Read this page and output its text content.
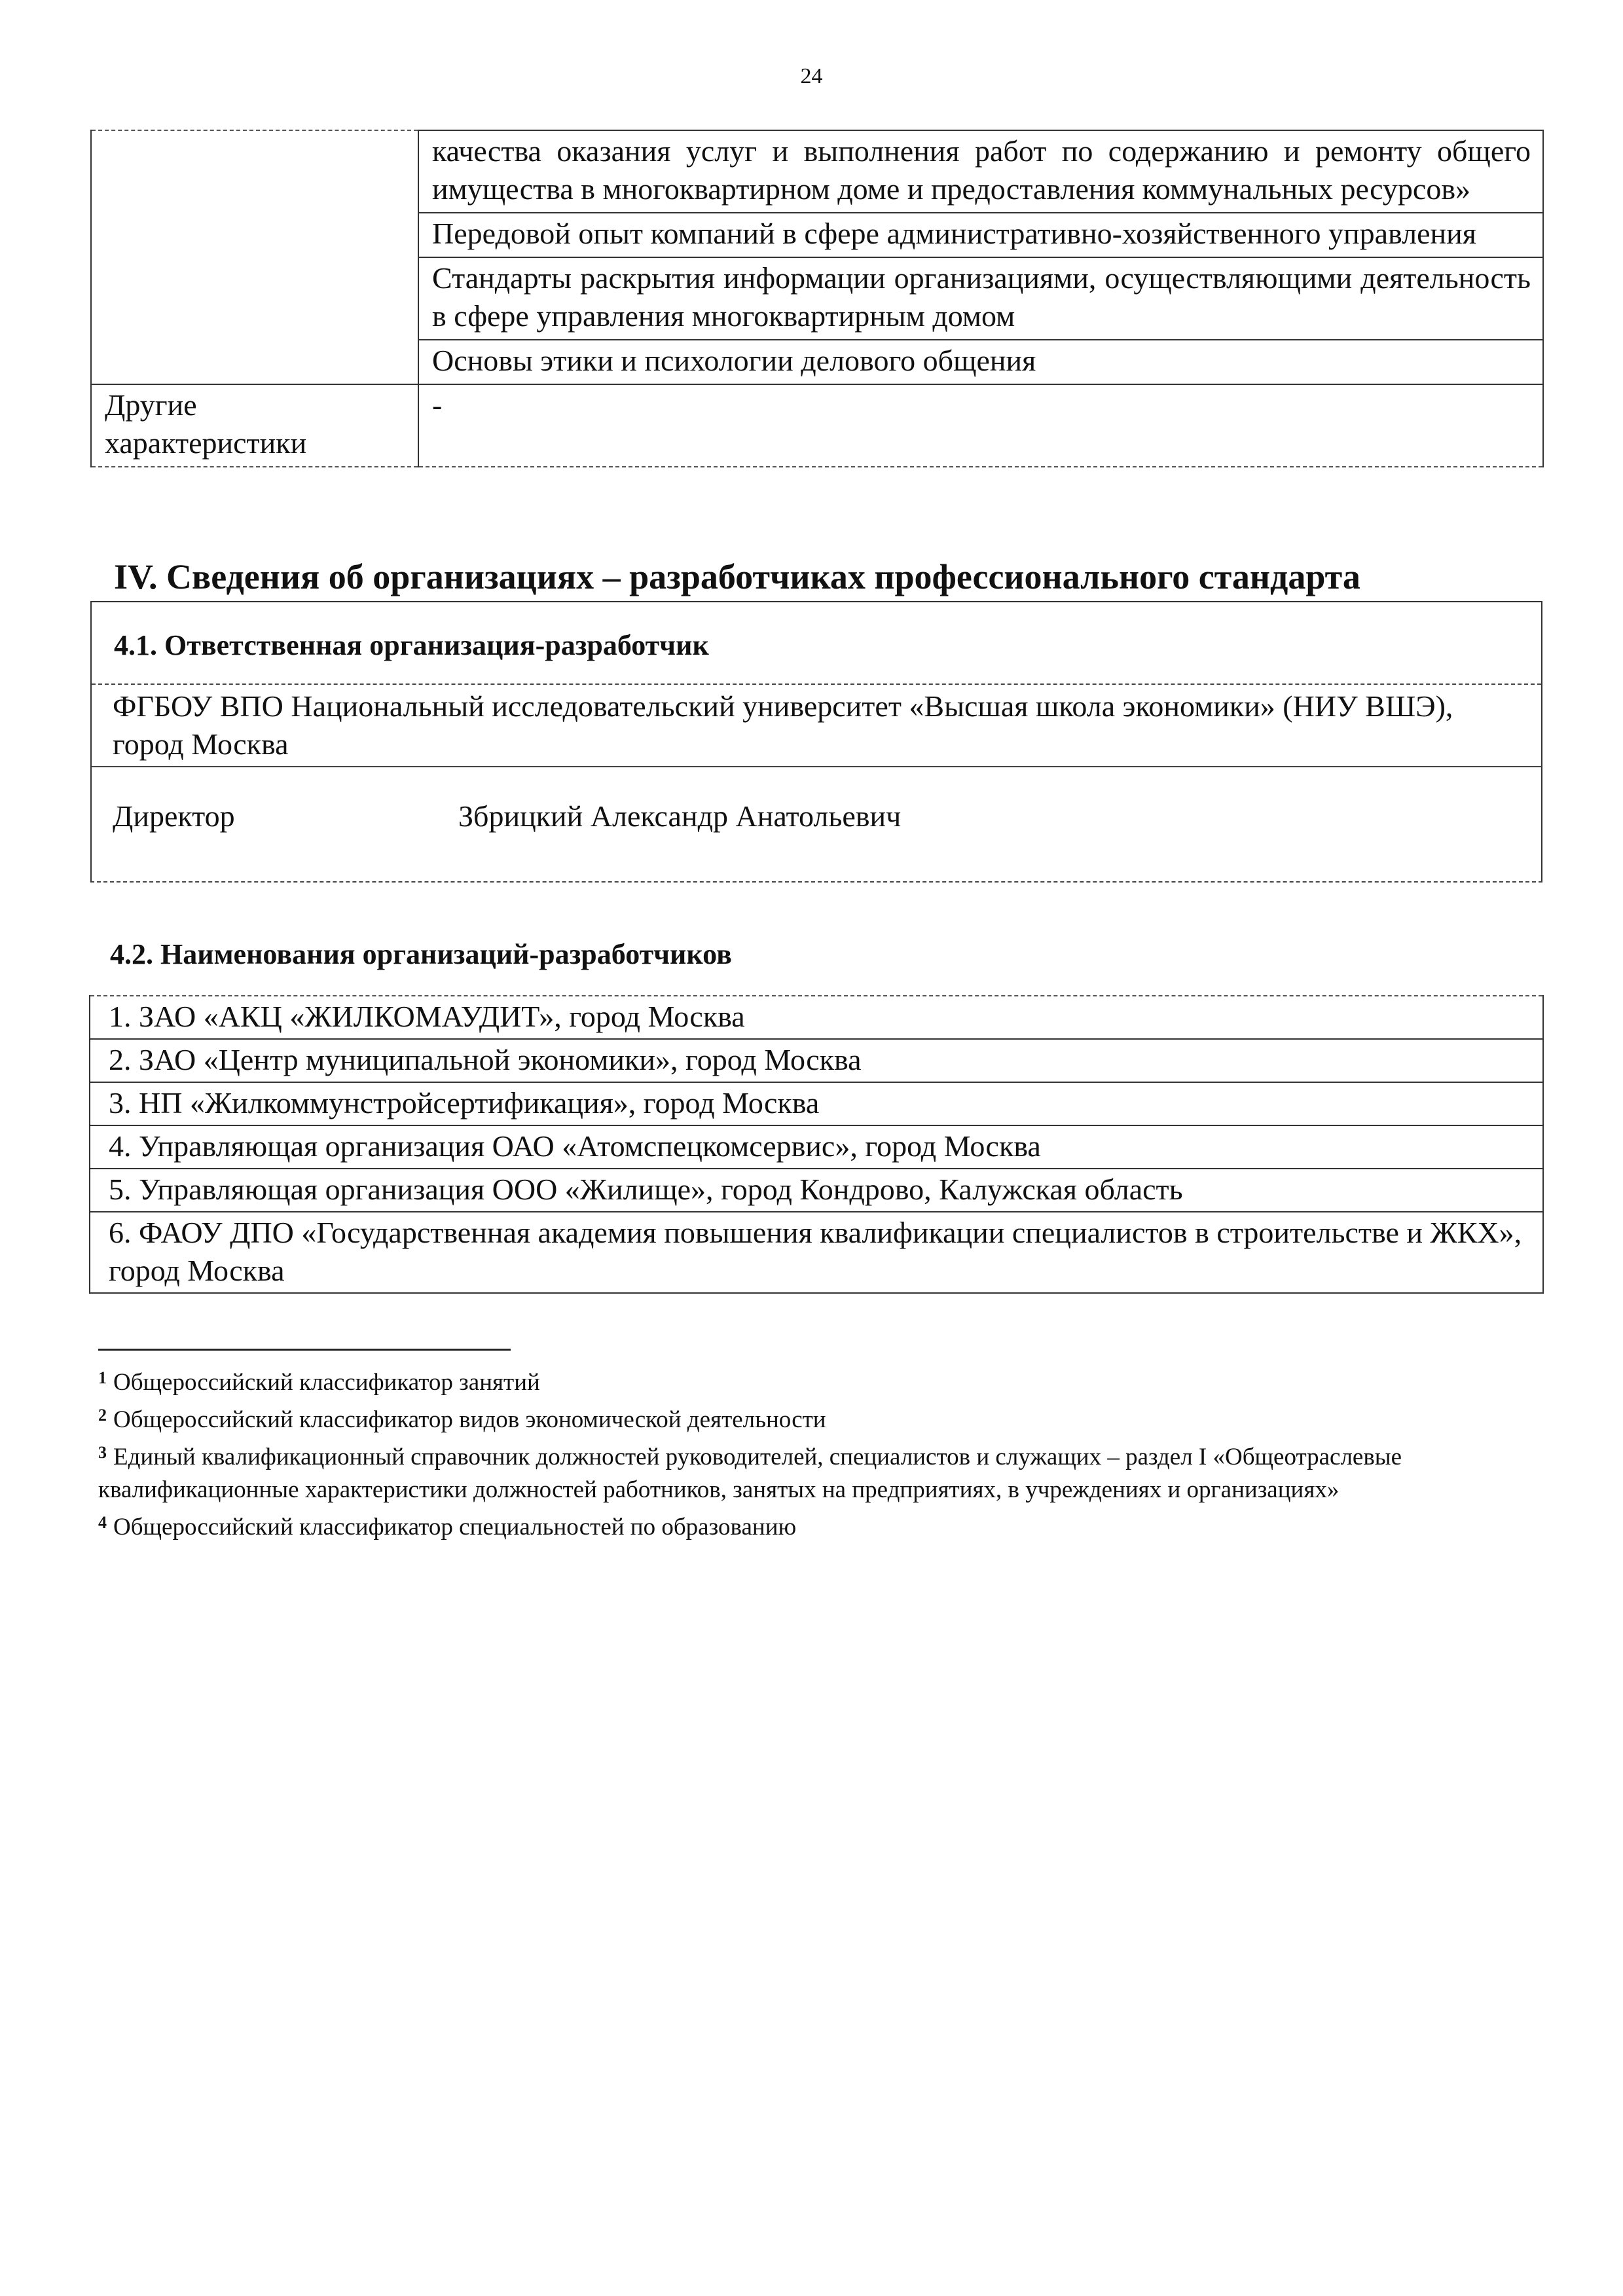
24
	качества оказания услуг и выполнения работ по содержанию и ремонту общего имущества в многоквартирном доме и предоставления коммунальных ресурсов»
	Передовой опыт компаний в сфере административно-хозяйственного управления
	Стандарты раскрытия информации организациями, осуществляющими деятельность в сфере управления многоквартирным домом
	Основы этики и психологии делового общения
Другие характеристики	-
IV. Сведения об организациях – разработчиках профессионального стандарта
4.1. Ответственная организация-разработчик
ФГБОУ ВПО Национальный исследовательский университет «Высшая школа экономики» (НИУ ВШЭ), город Москва
Директор	Збрицкий Александр Анатольевич
4.2. Наименования организаций-разработчиков
1. ЗАО «АКЦ «ЖИЛКОМАУДИТ», город Москва
2. ЗАО «Центр муниципальной экономики», город Москва
3. НП «Жилкоммунстройсертификация», город Москва
4. Управляющая организация ОАО «Атомспецкомсервис», город Москва
5. Управляющая организация ООО «Жилище», город Кондрово, Калужская область
6. ФАОУ ДПО «Государственная академия повышения квалификации специалистов в строительстве и ЖКХ», город Москва
$^1$ Общероссийский классификатор занятий
$^2$ Общероссийский классификатор видов экономической деятельности
$^3$ Единый квалификационный справочник должностей руководителей, специалистов и служащих – раздел I «Общеотраслевые квалификационные характеристики должностей работников, занятых на предприятиях, в учреждениях и организациях»
$^4$ Общероссийский классификатор специальностей по образованию
